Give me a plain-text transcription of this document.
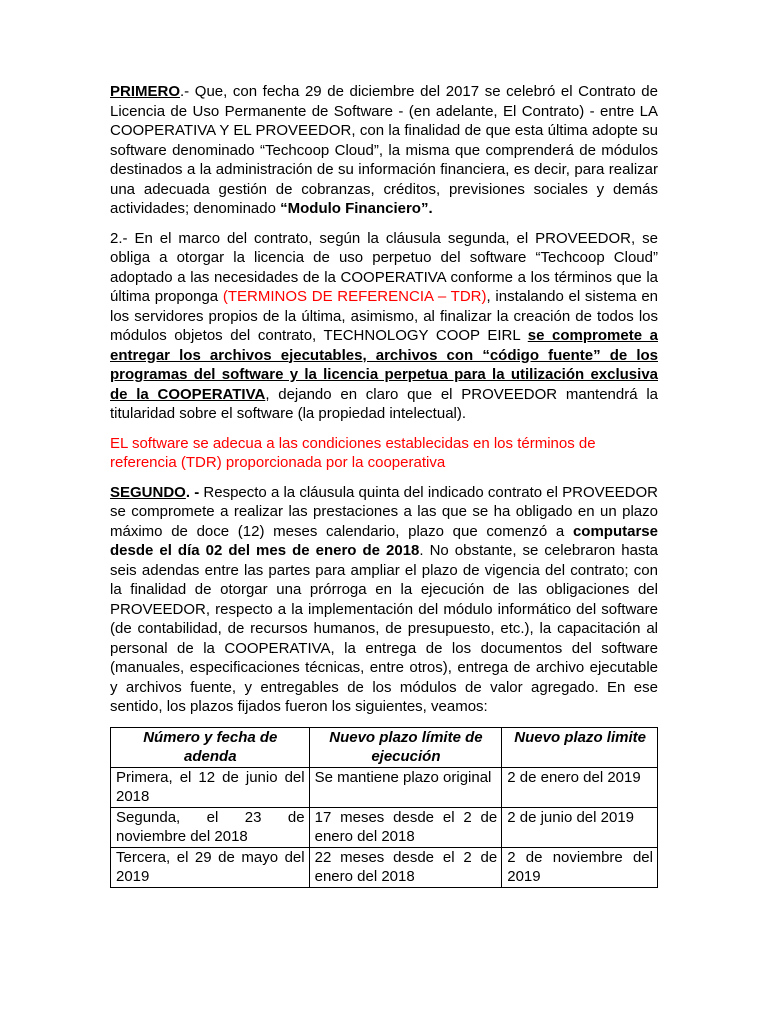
PRIMERO.- Que, con fecha 29 de diciembre del 2017 se celebró el Contrato de Licencia de Uso Permanente de Software - (en adelante, El Contrato) - entre LA COOPERATIVA Y EL PROVEEDOR, con la finalidad de que esta última adopte su software denominado “Techcoop Cloud”, la misma que comprenderá de módulos destinados a la administración de su información financiera, es decir, para realizar una adecuada gestión de cobranzas, créditos, previsiones sociales y demás actividades; denominado “Modulo Financiero”.

2.- En el marco del contrato, según la cláusula segunda, el PROVEEDOR, se obliga a otorgar la licencia de uso perpetuo del software “Techcoop Cloud” adoptado a las necesidades de la COOPERATIVA conforme a los términos que la última proponga (TERMINOS DE REFERENCIA – TDR), instalando el sistema en los servidores propios de la última, asimismo, al finalizar la creación de todos los módulos objetos del contrato, TECHNOLOGY COOP EIRL se compromete a entregar los archivos ejecutables, archivos con “código fuente” de los programas del software y la licencia perpetua para la utilización exclusiva de la COOPERATIVA, dejando en claro que el PROVEEDOR mantendrá la titularidad sobre el software (la propiedad intelectual).

EL software se adecua a las condiciones establecidas en los términos de referencia (TDR) proporcionada por la cooperativa

SEGUNDO. - Respecto a la cláusula quinta del indicado contrato el PROVEEDOR se compromete a realizar las prestaciones a las que se ha obligado en un plazo máximo de doce (12) meses calendario, plazo que comenzó a computarse desde el día 02 del mes de enero de 2018. No obstante, se celebraron hasta seis adendas entre las partes para ampliar el plazo de vigencia del contrato; con la finalidad de otorgar una prórroga en la ejecución de las obligaciones del PROVEEDOR, respecto a la implementación del módulo informático del software (de contabilidad, de recursos humanos, de presupuesto, etc.), la capacitación al personal de la COOPERATIVA, la entrega de los documentos del software (manuales, especificaciones técnicas, entre otros), entrega de archivo ejecutable y archivos fuente, y entregables de los módulos de valor agregado. En ese sentido, los plazos fijados fueron los siguientes, veamos:

Número y fecha de adenda	Nuevo plazo límite de ejecución	Nuevo plazo limite
Primera, el 12 de junio del 2018	Se mantiene plazo original	2 de enero del 2019
Segunda, el 23 de noviembre del 2018	17 meses desde el 2 de enero del 2018	2 de junio del 2019
Tercera, el 29 de mayo del 2019	22 meses desde el 2 de enero del 2018	2 de noviembre del 2019
